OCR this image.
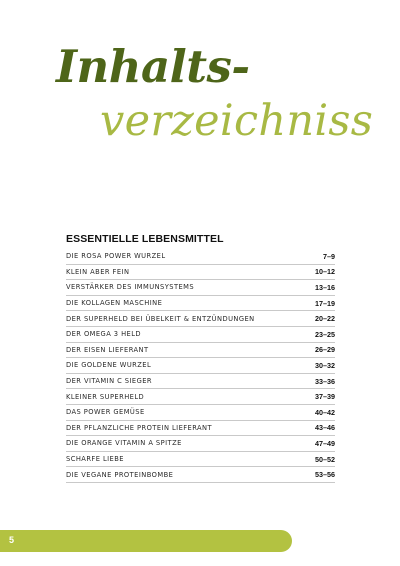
Inhalts-
verzeichniss
ESSENTIELLE LEBENSMITTEL
DIE ROSA POWER WURZEL	7–9
KLEIN ABER FEIN	10–12
VERSTÄRKER DES IMMUNSYSTEMS	13–16
DIE KOLLAGEN MASCHINE	17–19
DER SUPERHELD BEI ÜBELKEIT & ENTZÜNDUNGEN	20–22
DER OMEGA 3 HELD	23–25
DER EISEN LIEFERANT	26–29
DIE GOLDENE WURZEL	30–32
DER VITAMIN C SIEGER	33–36
KLEINER SUPERHELD	37–39
DAS POWER GEMÜSE	40–42
DER PFLANZLICHE PROTEIN LIEFERANT	43–46
DIE ORANGE VITAMIN A SPITZE	47–49
SCHARFE LIEBE	50–52
DIE VEGANE PROTEINBOMBE	53–56
5
